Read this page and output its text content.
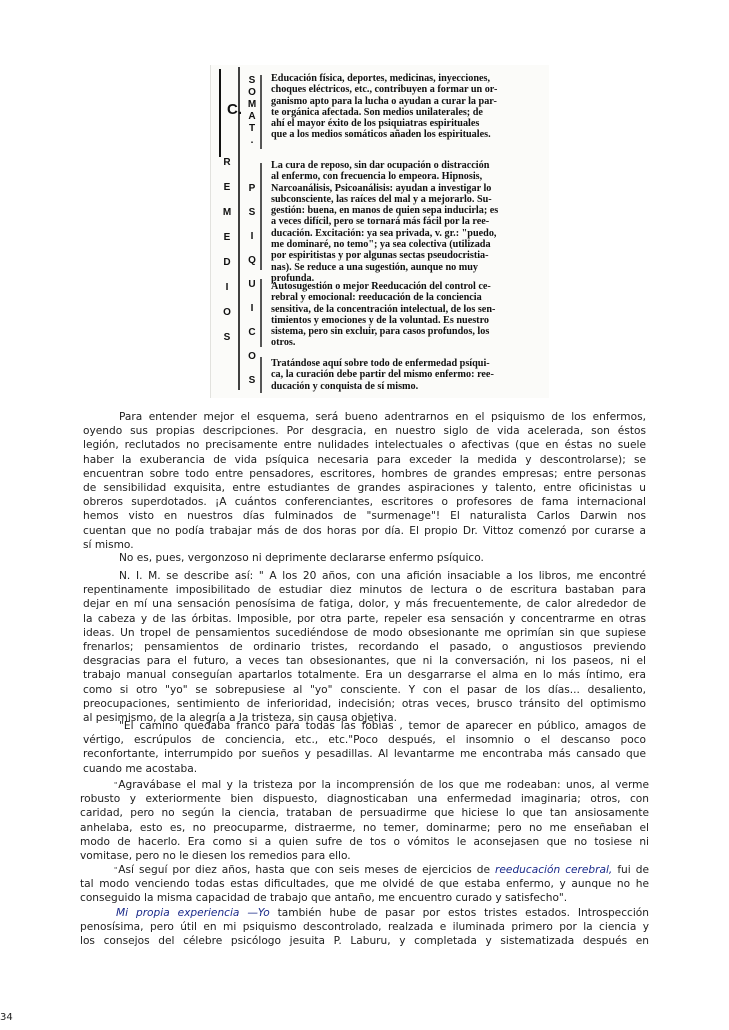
C.
S
O
M
A
T
.
R
E
M
E
D
I
O
S
P
S
I
Q
U
I
C
O
S
Educación física, deportes, medicinas, inyecciones,
choques eléctricos, etc., contribuyen a formar un or-
ganismo apto para la lucha o ayudan a curar la par-
te orgánica afectada. Son medios unilaterales; de
ahí el mayor éxito de los psiquiatras espirituales
que a los medios somáticos añaden los espirituales.
La cura de reposo, sin dar ocupación o distracción
al enfermo, con frecuencia lo empeora. Hipnosis,
Narcoanálisis, Psicoanálisis: ayudan a investigar lo
subconsciente, las raíces del mal y a mejorarlo. Su-
gestión: buena, en manos de quien sepa inducirla; es
a veces difícil, pero se tornará más fácil por la ree-
ducación. Excitación: ya sea privada, v. gr.: "puedo,
me dominaré, no temo"; ya sea colectiva (utilizada
por espiritistas y por algunas sectas pseudocristia-
nas). Se reduce a una sugestión, aunque no muy
profunda.
Autosugestión o mejor Reeducación del control ce-
rebral y emocional: reeducación de la conciencia
sensitiva, de la concentración intelectual, de los sen-
timientos y emociones y de la voluntad. Es nuestro
sistema, pero sin excluir, para casos profundos, los
otros.
Tratándose aquí sobre todo de enfermedad psíqui-
ca, la curación debe partir del mismo enfermo: ree-
ducación y conquista de sí mismo.
Para entender mejor el esquema, será bueno adentrarnos en el psiquismo de los enfermos,
oyendo sus propias descripciones. Por desgracia, en nuestro siglo de vida acelerada, son éstos
legión, reclutados no precisamente entre nulidades intelectuales o afectivas (que en éstas no suele
haber la exuberancia de vida psíquica necesaria para exceder la medida y descontrolarse); se
encuentran sobre todo entre pensadores, escritores, hombres de grandes empresas; entre personas
de sensibilidad exquisita, entre estudiantes de grandes aspiraciones y talento, entre oficinistas u
obreros superdotados. ¡A cuántos conferenciantes, escritores o profesores de fama internacional
hemos visto en nuestros días fulminados de "surmenage"! El naturalista Carlos Darwin nos
cuentan que no podía trabajar más de dos horas por día. El propio Dr. Vittoz comenzó por curarse a
sí mismo.
No es, pues, vergonzoso ni deprimente declararse enfermo psíquico.
N. I. M. se describe así: " A los 20 años, con una afición insaciable a los libros, me encontré
repentinamente imposibilitado de estudiar diez minutos de lectura o de escritura bastaban para
dejar en mí una sensación penosísima de fatiga, dolor, y más frecuentemente, de calor alrededor de
la cabeza y de las órbitas. Imposible, por otra parte, repeler esa sensación y concentrarme en otras
ideas. Un tropel de pensamientos sucediéndose de modo obsesionante me oprimían sin que supiese
frenarlos; pensamientos de ordinario tristes, recordando el pasado, o angustiosos previendo
desgracias para el futuro, a veces tan obsesionantes, que ni la conversación, ni los paseos, ni el
trabajo manual conseguían apartarlos totalmente. Era un desgarrarse el alma en lo más íntimo, era
como si otro "yo" se sobrepusiese al "yo" consciente. Y con el pasar de los días... desaliento,
preocupaciones, sentimiento de inferioridad, indecisión; otras veces, brusco tránsito del optimismo
al pesimismo, de la alegría a la tristeza, sin causa objetiva.
"El camino quedaba franco para todas las fobias , temor de aparecer en público, amagos de
vértigo, escrúpulos de conciencia, etc., etc."Poco después, el insomnio o el descanso poco
reconfortante, interrumpido por sueños y pesadillas. Al levantarme me encontraba más cansado que
cuando me acostaba.
"Agravábase el mal y la tristeza por la incomprensión de los que me rodeaban: unos, al verme
robusto y exteriormente bien dispuesto, diagnosticaban una enfermedad imaginaria; otros, con
caridad, pero no según la ciencia, trataban de persuadirme que hiciese lo que tan ansiosamente
anhelaba, esto es, no preocuparme, distraerme, no temer, dominarme; pero no me enseñaban el
modo de hacerlo. Era como si a quien sufre de tos o vómitos le aconsejasen que no tosiese ni
vomitase, pero no le diesen los remedios para ello.
"Así seguí por diez años, hasta que con seis meses de ejercicios de reeducación cerebral, fui de
tal modo venciendo todas estas dificultades, que me olvidé de que estaba enfermo, y aunque no he
conseguido la misma capacidad de trabajo que antaño, me encuentro curado y satisfecho".
Mi propia experiencia —Yo también hube de pasar por estos tristes estados. Introspección
penosísima, pero útil en mi psiquismo descontrolado, realzada e iluminada primero por la ciencia y
los consejos del célebre psicólogo jesuita P. Laburu, y completada y sistematizada después en
34
